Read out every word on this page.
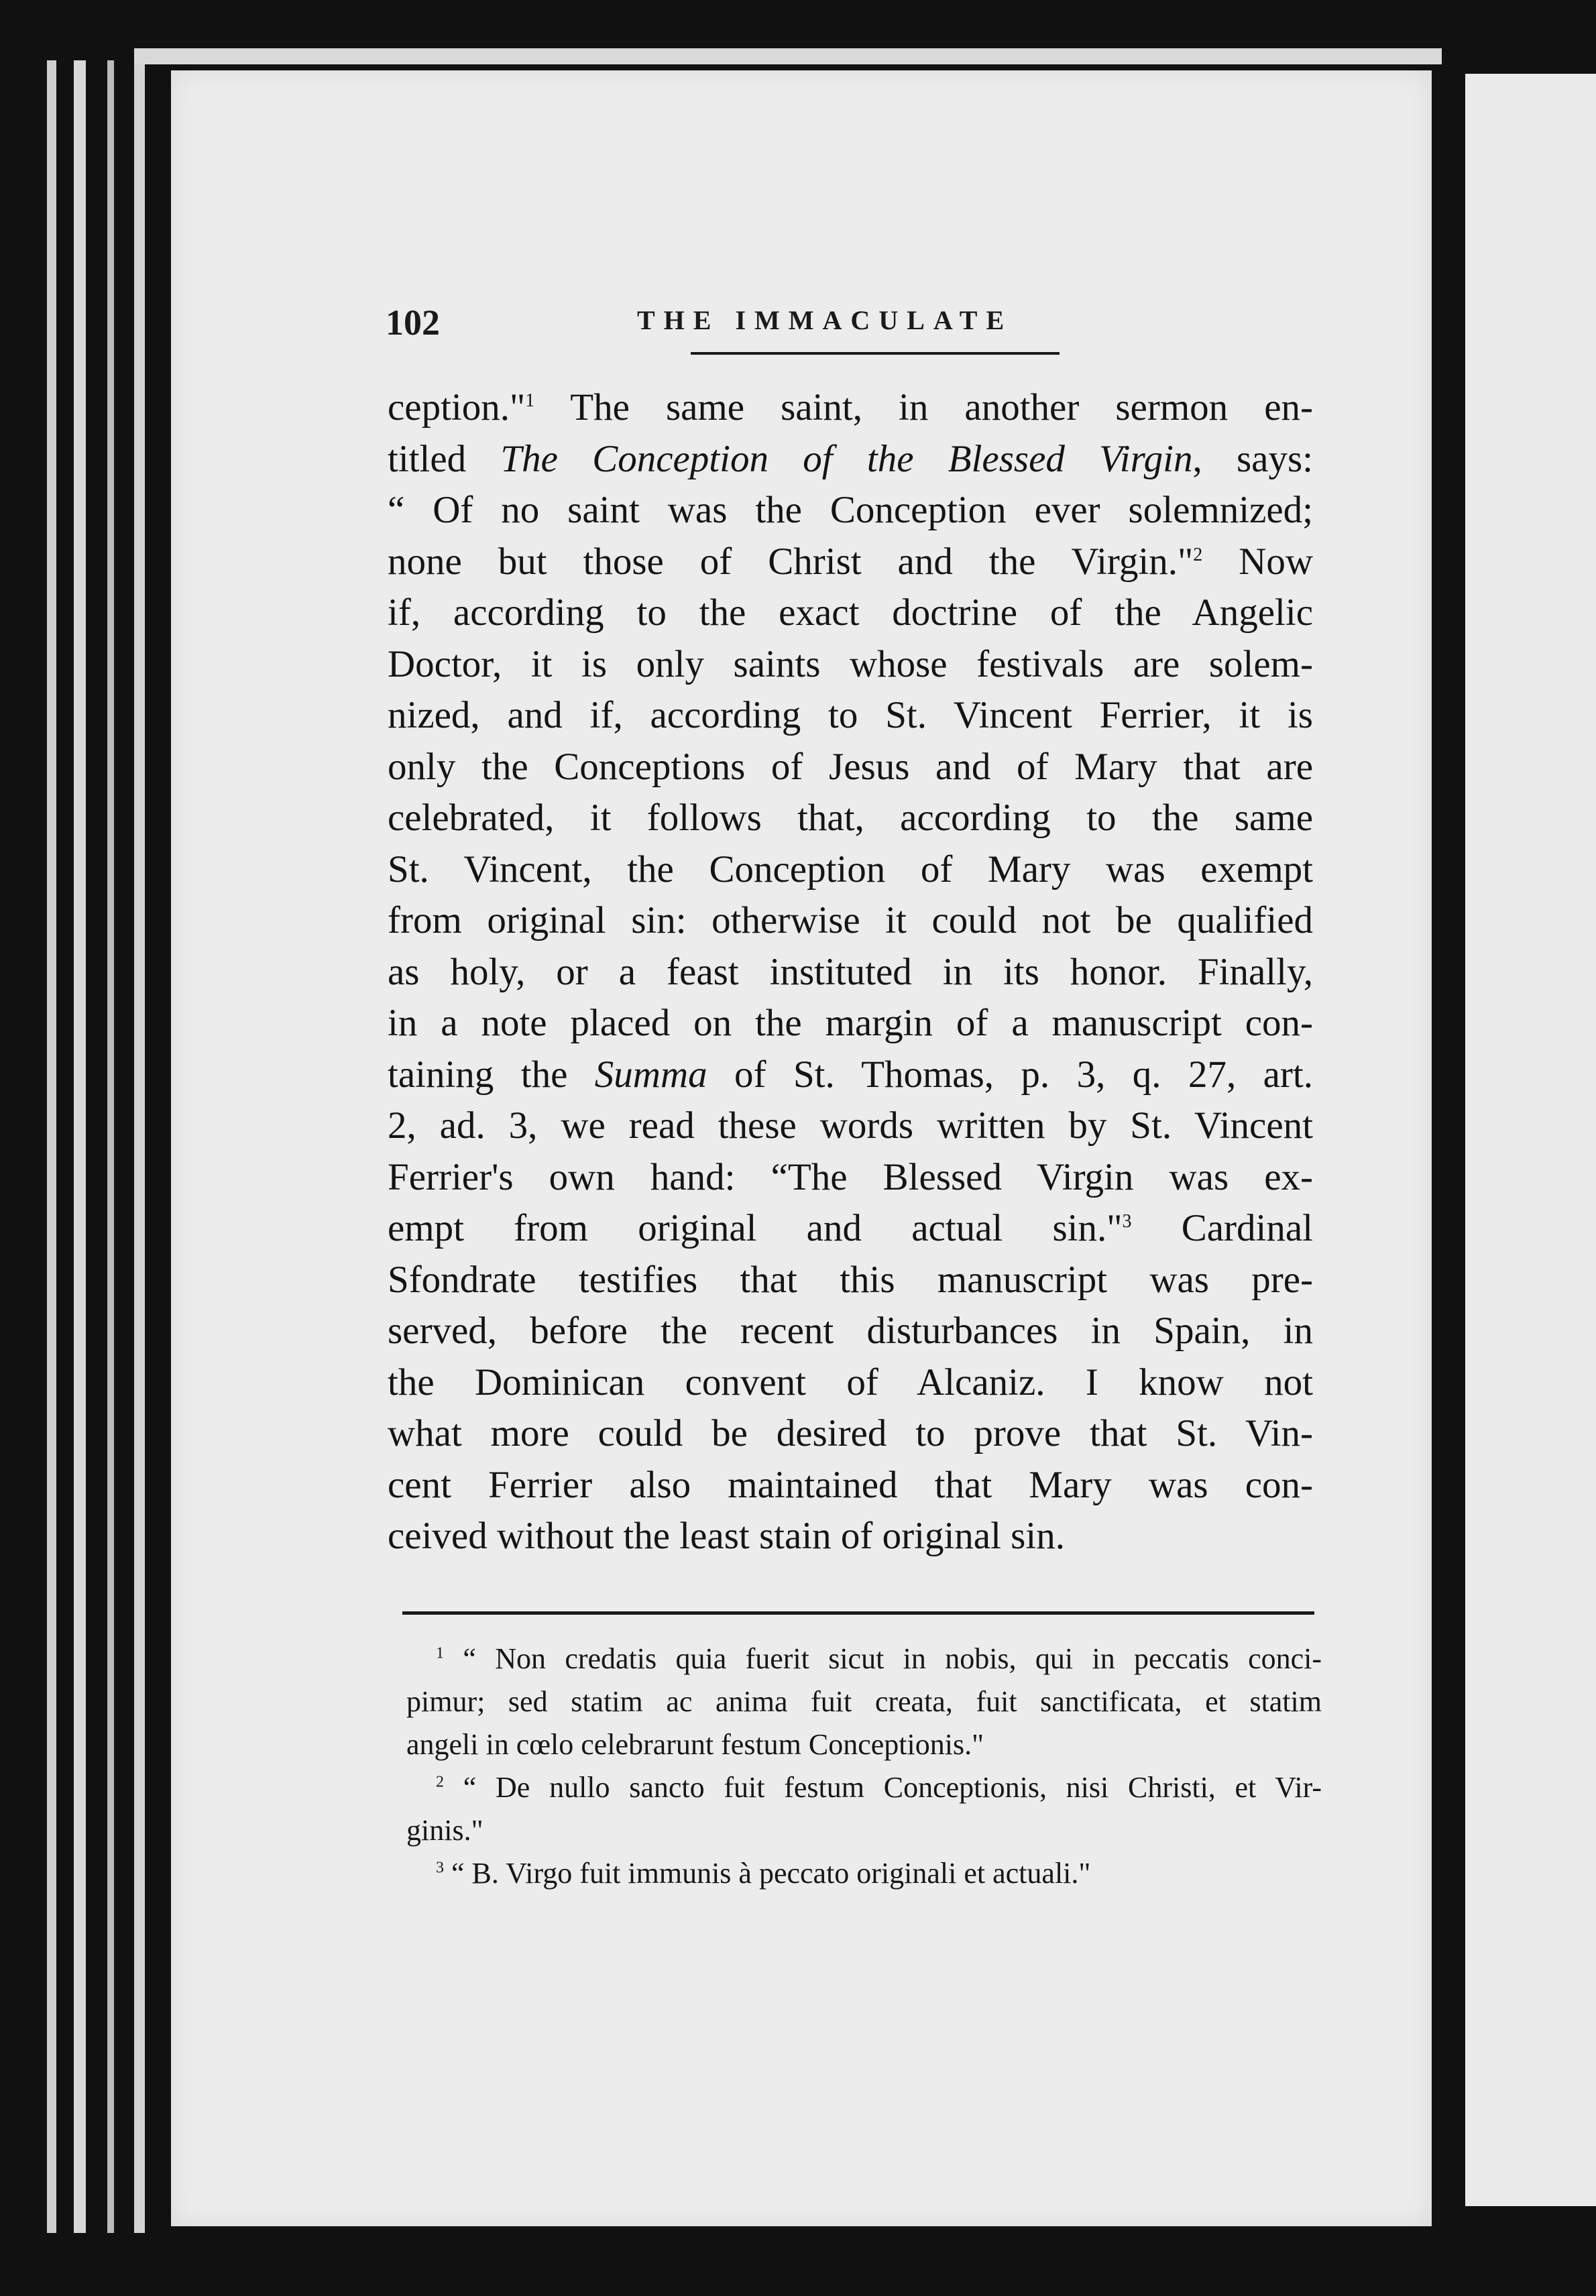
102	THE IMMACULATE
ception."$^1$ The same saint, in another sermon en-
titled The Conception of the Blessed Virgin, says:
“ Of no saint was the Conception ever solemnized;
none but those of Christ and the Virgin."$^2$ Now
if, according to the exact doctrine of the Angelic
Doctor, it is only saints whose festivals are solem-
nized, and if, according to St. Vincent Ferrier, it is
only the Conceptions of Jesus and of Mary that are
celebrated, it follows that, according to the same
St. Vincent, the Conception of Mary was exempt
from original sin: otherwise it could not be qualified
as holy, or a feast instituted in its honor. Finally,
in a note placed on the margin of a manuscript con-
taining the Summa of St. Thomas, p. 3, q. 27, art.
2, ad. 3, we read these words written by St. Vincent
Ferrier's own hand: “The Blessed Virgin was ex-
empt from original and actual sin."$^3$ Cardinal
Sfondrate testifies that this manuscript was pre-
served, before the recent disturbances in Spain, in
the Dominican convent of Alcaniz. I know not
what more could be desired to prove that St. Vin-
cent Ferrier also maintained that Mary was con-
ceived without the least stain of original sin.
$^1$ “ Non credatis quia fuerit sicut in nobis, qui in peccatis conci-
pimur; sed statim ac anima fuit creata, fuit sanctificata, et statim
angeli in cœlo celebrarunt festum Conceptionis."
$^2$ “ De nullo sancto fuit festum Conceptionis, nisi Christi, et Vir-
ginis."
$^3$ “ B. Virgo fuit immunis à peccato originali et actuali."
